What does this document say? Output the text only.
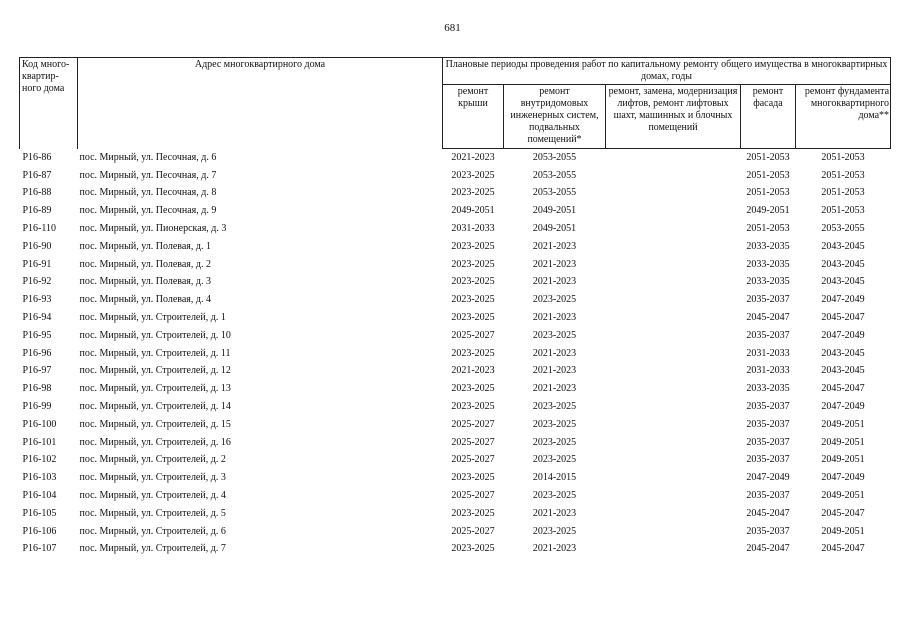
681
Код много-квартир-ного дома	Адрес многоквартирного дома	Плановые периоды проведения работ по капитальному ремонту общего имущества в многоквартирных домах, годы				
		ремонт крыши	ремонт внутридомовых инженерных систем, подвальных помещений*	ремонт, замена, модернизация лифтов, ремонт лифтовых шахт, машинных и блочных помещений	ремонт фасада	ремонт фундамента многоквартирного дома**
Р16-86	пос. Мирный, ул. Песочная, д. 6	2021-2023	2053-2055		2051-2053	2051-2053
Р16-87	пос. Мирный, ул. Песочная, д. 7	2023-2025	2053-2055		2051-2053	2051-2053
Р16-88	пос. Мирный, ул. Песочная, д. 8	2023-2025	2053-2055		2051-2053	2051-2053
Р16-89	пос. Мирный, ул. Песочная, д. 9	2049-2051	2049-2051		2049-2051	2051-2053
Р16-110	пос. Мирный, ул. Пионерская, д. 3	2031-2033	2049-2051		2051-2053	2053-2055
Р16-90	пос. Мирный, ул. Полевая, д. 1	2023-2025	2021-2023		2033-2035	2043-2045
Р16-91	пос. Мирный, ул. Полевая, д. 2	2023-2025	2021-2023		2033-2035	2043-2045
Р16-92	пос. Мирный, ул. Полевая, д. 3	2023-2025	2021-2023		2033-2035	2043-2045
Р16-93	пос. Мирный, ул. Полевая, д. 4	2023-2025	2023-2025		2035-2037	2047-2049
Р16-94	пос. Мирный, ул. Строителей, д. 1	2023-2025	2021-2023		2045-2047	2045-2047
Р16-95	пос. Мирный, ул. Строителей, д. 10	2025-2027	2023-2025		2035-2037	2047-2049
Р16-96	пос. Мирный, ул. Строителей, д. 11	2023-2025	2021-2023		2031-2033	2043-2045
Р16-97	пос. Мирный, ул. Строителей, д. 12	2021-2023	2021-2023		2031-2033	2043-2045
Р16-98	пос. Мирный, ул. Строителей, д. 13	2023-2025	2021-2023		2033-2035	2045-2047
Р16-99	пос. Мирный, ул. Строителей, д. 14	2023-2025	2023-2025		2035-2037	2047-2049
Р16-100	пос. Мирный, ул. Строителей, д. 15	2025-2027	2023-2025		2035-2037	2049-2051
Р16-101	пос. Мирный, ул. Строителей, д. 16	2025-2027	2023-2025		2035-2037	2049-2051
Р16-102	пос. Мирный, ул. Строителей, д. 2	2025-2027	2023-2025		2035-2037	2049-2051
Р16-103	пос. Мирный, ул. Строителей, д. 3	2023-2025	2014-2015		2047-2049	2047-2049
Р16-104	пос. Мирный, ул. Строителей, д. 4	2025-2027	2023-2025		2035-2037	2049-2051
Р16-105	пос. Мирный, ул. Строителей, д. 5	2023-2025	2021-2023		2045-2047	2045-2047
Р16-106	пос. Мирный, ул. Строителей, д. 6	2025-2027	2023-2025		2035-2037	2049-2051
Р16-107	пос. Мирный, ул. Строителей, д. 7	2023-2025	2021-2023		2045-2047	2045-2047
